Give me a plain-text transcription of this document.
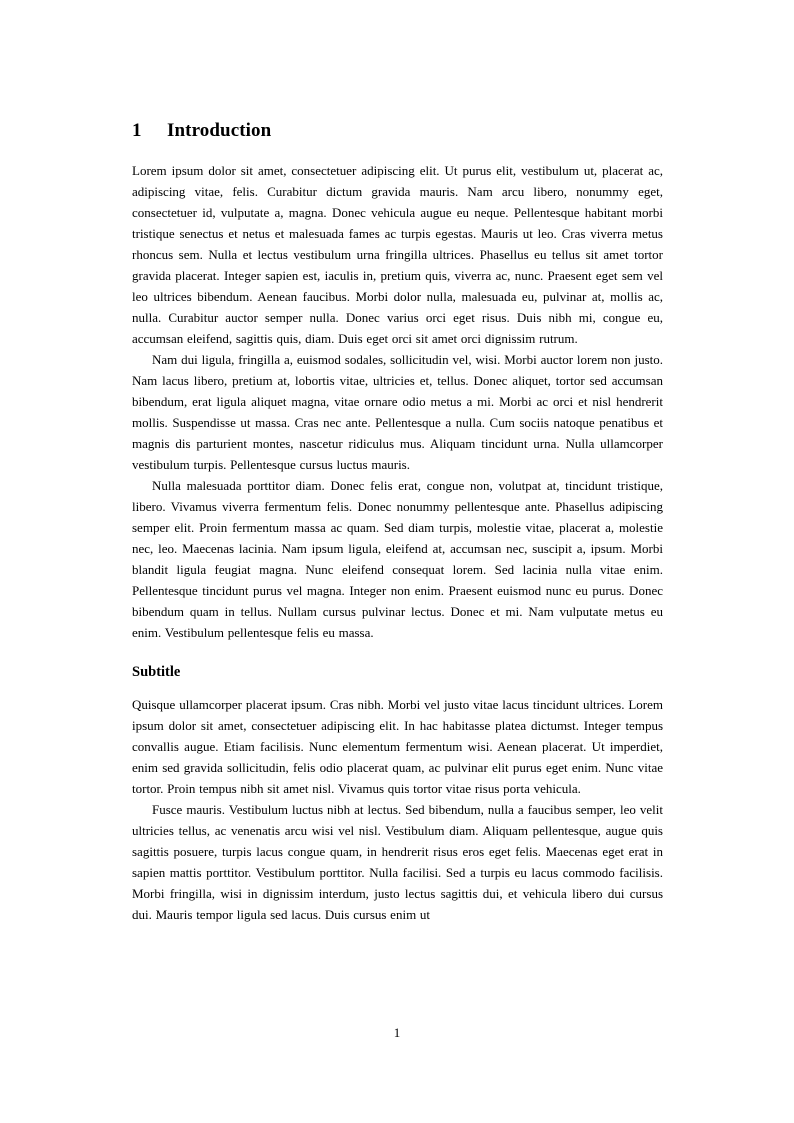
1 Introduction

Lorem ipsum dolor sit amet, consectetuer adipiscing elit. Ut purus elit, vestibulum ut, placerat ac, adipiscing vitae, felis. Curabitur dictum gravida mauris. Nam arcu libero, nonummy eget, consectetuer id, vulputate a, magna. Donec vehicula augue eu neque. Pellentesque habitant morbi tristique senectus et netus et malesuada fames ac turpis egestas. Mauris ut leo. Cras viverra metus rhoncus sem. Nulla et lectus vestibulum urna fringilla ultrices. Phasellus eu tellus sit amet tortor gravida placerat. Integer sapien est, iaculis in, pretium quis, viverra ac, nunc. Praesent eget sem vel leo ultrices bibendum. Aenean faucibus. Morbi dolor nulla, malesuada eu, pulvinar at, mollis ac, nulla. Curabitur auctor semper nulla. Donec varius orci eget risus. Duis nibh mi, congue eu, accumsan eleifend, sagittis quis, diam. Duis eget orci sit amet orci dignissim rutrum.

Nam dui ligula, fringilla a, euismod sodales, sollicitudin vel, wisi. Morbi auctor lorem non justo. Nam lacus libero, pretium at, lobortis vitae, ultricies et, tellus. Donec aliquet, tortor sed accumsan bibendum, erat ligula aliquet magna, vitae ornare odio metus a mi. Morbi ac orci et nisl hendrerit mollis. Suspendisse ut massa. Cras nec ante. Pellentesque a nulla. Cum sociis natoque penatibus et magnis dis parturient montes, nascetur ridiculus mus. Aliquam tincidunt urna. Nulla ullamcorper vestibulum turpis. Pellentesque cursus luctus mauris.

Nulla malesuada porttitor diam. Donec felis erat, congue non, volutpat at, tincidunt tristique, libero. Vivamus viverra fermentum felis. Donec nonummy pellentesque ante. Phasellus adipiscing semper elit. Proin fermentum massa ac quam. Sed diam turpis, molestie vitae, placerat a, molestie nec, leo. Maecenas lacinia. Nam ipsum ligula, eleifend at, accumsan nec, suscipit a, ipsum. Morbi blandit ligula feugiat magna. Nunc eleifend consequat lorem. Sed lacinia nulla vitae enim. Pellentesque tincidunt purus vel magna. Integer non enim. Praesent euismod nunc eu purus. Donec bibendum quam in tellus. Nullam cursus pulvinar lectus. Donec et mi. Nam vulputate metus eu enim. Vestibulum pellentesque felis eu massa.

Subtitle

Quisque ullamcorper placerat ipsum. Cras nibh. Morbi vel justo vitae lacus tincidunt ultrices. Lorem ipsum dolor sit amet, consectetuer adipiscing elit. In hac habitasse platea dictumst. Integer tempus convallis augue. Etiam facilisis. Nunc elementum fermentum wisi. Aenean placerat. Ut imperdiet, enim sed gravida sollicitudin, felis odio placerat quam, ac pulvinar elit purus eget enim. Nunc vitae tortor. Proin tempus nibh sit amet nisl. Vivamus quis tortor vitae risus porta vehicula.

Fusce mauris. Vestibulum luctus nibh at lectus. Sed bibendum, nulla a faucibus semper, leo velit ultricies tellus, ac venenatis arcu wisi vel nisl. Vestibulum diam. Aliquam pellentesque, augue quis sagittis posuere, turpis lacus congue quam, in hendrerit risus eros eget felis. Maecenas eget erat in sapien mattis porttitor. Vestibulum porttitor. Nulla facilisi. Sed a turpis eu lacus commodo facilisis. Morbi fringilla, wisi in dignissim interdum, justo lectus sagittis dui, et vehicula libero dui cursus dui. Mauris tempor ligula sed lacus. Duis cursus enim ut

1
